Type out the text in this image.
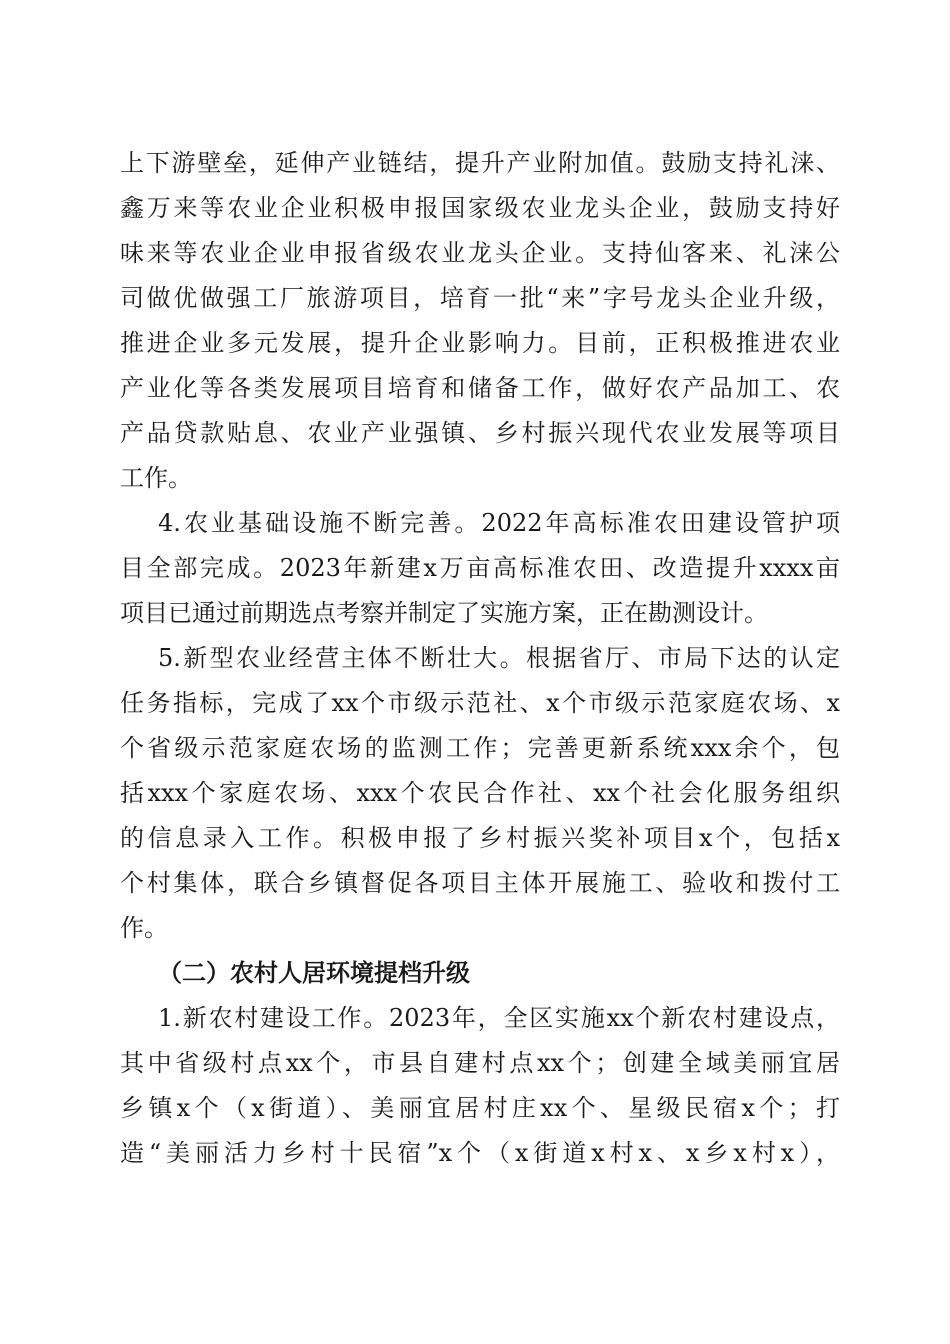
上下游壁垒，延伸产业链结，提升产业附加值。鼓励支持礼涞、
鑫万来等农业企业积极申报国家级农业龙头企业，鼓励支持好
味来等农业企业申报省级农业龙头企业。支持仙客来、礼涞公
司做优做强工厂旅游项目，培育一批“来”字号龙头企业升级，
推进企业多元发展，提升企业影响力。目前，正积极推进农业
产业化等各类发展项目培育和储备工作，做好农产品加工、农
产品贷款贴息、农业产业强镇、乡村振兴现代农业发展等项目
工作。
4.农业基础设施不断完善。2022年高标准农田建设管护项
目全部完成。2023年新建x万亩高标准农田、改造提升xxxx亩
项目已通过前期选点考察并制定了实施方案，正在勘测设计。
5.新型农业经营主体不断壮大。根据省厅、市局下达的认定
任务指标，完成了xx个市级示范社、x个市级示范家庭农场、x
个省级示范家庭农场的监测工作；完善更新系统xxx余个，包
括xxx个家庭农场、xxx个农民合作社、xx个社会化服务组织
的信息录入工作。积极申报了乡村振兴奖补项目x个，包括x
个村集体，联合乡镇督促各项目主体开展施工、验收和拨付工
作。
（二）农村人居环境提档升级
1.新农村建设工作。2023年，全区实施xx个新农村建设点，
其中省级村点xx个，市县自建村点xx个；创建全域美丽宜居
乡镇x个（x街道）、美丽宜居村庄xx个、星级民宿x个；打
造“美丽活力乡村十民宿”x个（x街道x村x、x乡x村x），
